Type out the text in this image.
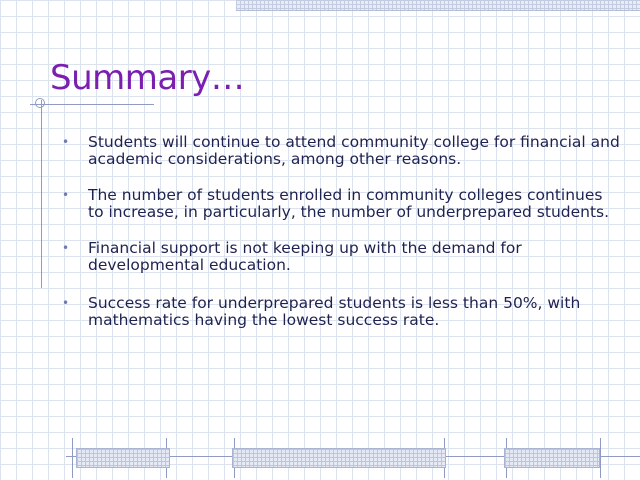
Summary…
• Students will continue to attend community college for financial and academic considerations, among other reasons.
• The number of students enrolled in community colleges continues to increase, in particularly, the number of underprepared students.
• Financial support is not keeping up with the demand for developmental education.
• Success rate for underprepared students is less than 50%, with mathematics having the lowest success rate.
